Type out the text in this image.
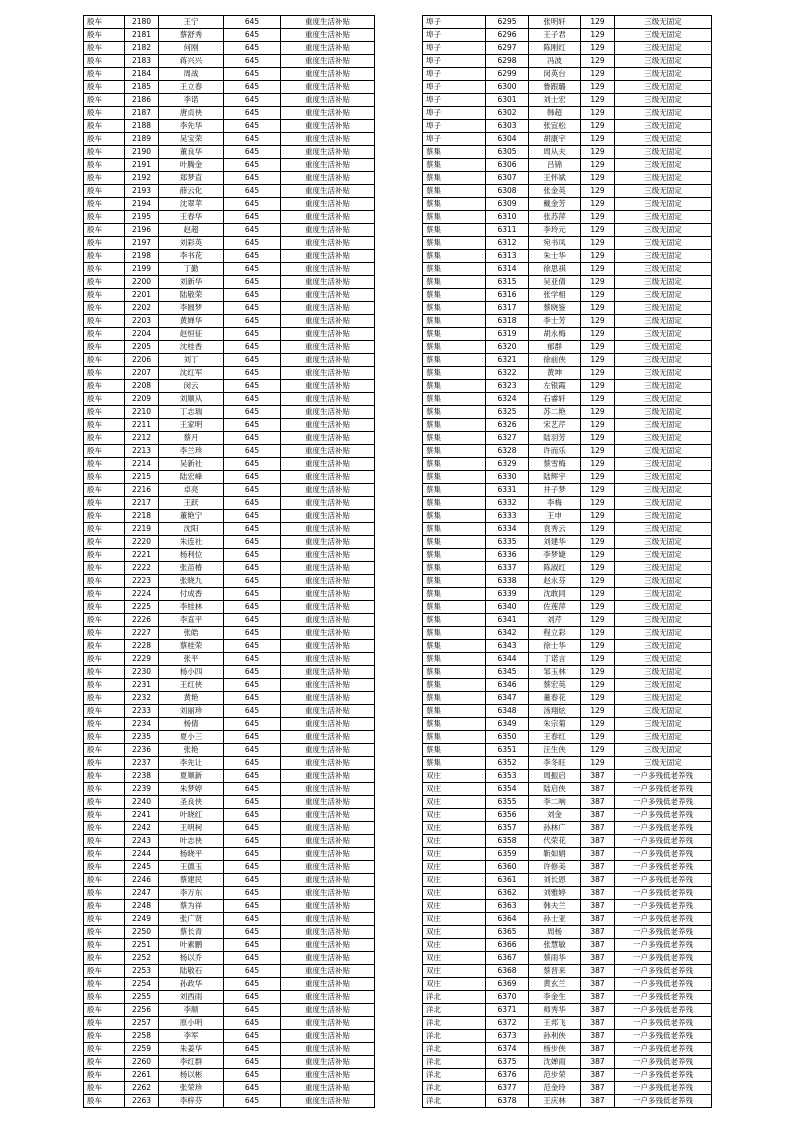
殷车	2180	王宁	645	重度生活补贴
殷车	2181	蔡舒秀	645	重度生活补贴
殷车	2182	何刚	645	重度生活补贴
殷车	2183	蒋兴兴	645	重度生活补贴
殷车	2184	周战	645	重度生活补贴
殷车	2185	王立春	645	重度生活补贴
殷车	2186	李诺	645	重度生活补贴
殷车	2187	唐贞侠	645	重度生活补贴
殷车	2188	李先华	645	重度生活补贴
殷车	2189	吴宝荣	645	重度生活补贴
殷车	2190	董良华	645	重度生活补贴
殷车	2191	叶腾金	645	重度生活补贴
殷车	2192	郑梦直	645	重度生活补贴
殷车	2193	薛云化	645	重度生活补贴
殷车	2194	沈翠苹	645	重度生活补贴
殷车	2195	王春华	645	重度生活补贴
殷车	2196	赵超	645	重度生活补贴
殷车	2197	刘彩英	645	重度生活补贴
殷车	2198	李书花	645	重度生活补贴
殷车	2199	丁勤	645	重度生活补贴
殷车	2200	刘新华	645	重度生活补贴
殷车	2201	陆敬荣	645	重度生活补贴
殷车	2202	李圆梦	645	重度生活补贴
殷车	2203	黄婵华	645	重度生活补贴
殷车	2204	赵恒征	645	重度生活补贴
殷车	2205	沈桂香	645	重度生活补贴
殷车	2206	刘丁	645	重度生活补贴
殷车	2207	沈红军	645	重度生活补贴
殷车	2208	闵云	645	重度生活补贴
殷车	2209	刘顺从	645	重度生活补贴
殷车	2210	丁志瑞	645	重度生活补贴
殷车	2211	王家明	645	重度生活补贴
殷车	2212	蔡月	645	重度生活补贴
殷车	2213	李兰珍	645	重度生活补贴
殷车	2214	吴新社	645	重度生活补贴
殷车	2215	陆宏峰	645	重度生活补贴
殷车	2216	卓亮	645	重度生活补贴
殷车	2217	王跃	645	重度生活补贴
殷车	2218	董艳宁	645	重度生活补贴
殷车	2219	沈阳	645	重度生活补贴
殷车	2220	朱连社	645	重度生活补贴
殷车	2221	杨利位	645	重度生活补贴
殷车	2222	张苗椿	645	重度生活补贴
殷车	2223	张晓九	645	重度生活补贴
殷车	2224	付成香	645	重度生活补贴
殷车	2225	李桂林	645	重度生活补贴
殷车	2226	李直平	645	重度生活补贴
殷车	2227	张皓	645	重度生活补贴
殷车	2228	蔡桂荣	645	重度生活补贴
殷车	2229	张平	645	重度生活补贴
殷车	2230	杨小四	645	重度生活补贴
殷车	2231	王红侠	645	重度生活补贴
殷车	2232	黄艳	645	重度生活补贴
殷车	2233	刘丽珍	645	重度生活补贴
殷车	2234	杨倩	645	重度生活补贴
殷车	2235	夏小三	645	重度生活补贴
殷车	2236	张艳	645	重度生活补贴
殷车	2237	李先让	645	重度生活补贴
殷车	2238	夏顺新	645	重度生活补贴
殷车	2239	朱梦婷	645	重度生活补贴
殷车	2240	圣良侠	645	重度生活补贴
殷车	2241	叶晓红	645	重度生活补贴
殷车	2242	王明柯	645	重度生活补贴
殷车	2243	叶志侠	645	重度生活补贴
殷车	2244	杨晓平	645	重度生活补贴
殷车	2245	王德玉	645	重度生活补贴
殷车	2246	蔡建民	645	重度生活补贴
殷车	2247	李万东	645	重度生活补贴
殷车	2248	蔡为祥	645	重度生活补贴
殷车	2249	张广贤	645	重度生活补贴
殷车	2250	蔡长青	645	重度生活补贴
殷车	2251	叶素鹏	645	重度生活补贴
殷车	2252	杨以乔	645	重度生活补贴
殷车	2253	陆敬石	645	重度生活补贴
殷车	2254	孙政华	645	重度生活补贴
殷车	2255	刘西雨	645	重度生活补贴
殷车	2256	李顺	645	重度生活补贴
殷车	2257	原小明	645	重度生活补贴
殷车	2258	李军	645	重度生活补贴
殷车	2259	朱姜华	645	重度生活补贴
殷车	2260	李红群	645	重度生活补贴
殷车	2261	杨以彬	645	重度生活补贴
殷车	2262	张荣珍	645	重度生活补贴
殷车	2263	李梓芬	645	重度生活补贴
埠子	6295	张明轩	129	三级无固定
埠子	6296	王子君	129	三级无固定
埠子	6297	陈刚红	129	三级无固定
埠子	6298	冯波	129	三级无固定
埠子	6299	闵英台	129	三级无固定
埠子	6300	鲁跟璐	129	三级无固定
埠子	6301	刘士宏	129	三级无固定
埠子	6302	韩超	129	三级无固定
埠子	6303	张宜松	129	三级无固定
埠子	6304	胡康宇	129	三级无固定
蔡集	6305	周从夫	129	三级无固定
蔡集	6306	吕锦	129	三级无固定
蔡集	6307	王怀斌	129	三级无固定
蔡集	6308	张金英	129	三级无固定
蔡集	6309	戴金芳	129	三级无固定
蔡集	6310	张苏萍	129	三级无固定
蔡集	6311	李玲元	129	三级无固定
蔡集	6312	宛书凤	129	三级无固定
蔡集	6313	朱士华	129	三级无固定
蔡集	6314	徐思祺	129	三级无固定
蔡集	6315	吴亚倩	129	三级无固定
蔡集	6316	张学相	129	三级无固定
蔡集	6317	蔡晓鉴	129	三级无固定
蔡集	6318	李士芳	129	三级无固定
蔡集	6319	胡永梅	129	三级无固定
蔡集	6320	郁群	129	三级无固定
蔡集	6321	徐前侠	129	三级无固定
蔡集	6322	黄坤	129	三级无固定
蔡集	6323	左银霞	129	三级无固定
蔡集	6324	石睿轩	129	三级无固定
蔡集	6325	苏二艳	129	三级无固定
蔡集	6326	宋艺芹	129	三级无固定
蔡集	6327	陆羽芳	129	三级无固定
蔡集	6328	许而乐	129	三级无固定
蔡集	6329	蔡雪梅	129	三级无固定
蔡集	6330	陆辉宇	129	三级无固定
蔡集	6331	井子梦	129	三级无固定
蔡集	6332	李梅	129	三级无固定
蔡集	6333	王申	129	三级无固定
蔡集	6334	袁秀云	129	三级无固定
蔡集	6335	刘建华	129	三级无固定
蔡集	6336	李梦婕	129	三级无固定
蔡集	6337	陈淑红	129	三级无固定
蔡集	6338	赵永芬	129	三级无固定
蔡集	6339	沈敢同	129	三级无固定
蔡集	6340	佐莲萍	129	三级无固定
蔡集	6341	刘芹	129	三级无固定
蔡集	6342	程立彩	129	三级无固定
蔡集	6343	徐士华	129	三级无固定
蔡集	6344	丁诺言	129	三级无固定
蔡集	6345	邹玉林	129	三级无固定
蔡集	6346	蔡宏英	129	三级无固定
蔡集	6347	董春花	129	三级无固定
蔡集	6348	汤翔炫	129	三级无固定
蔡集	6349	朱宗菊	129	三级无固定
蔡集	6350	王春红	129	三级无固定
蔡集	6351	汪生侠	129	三级无固定
蔡集	6352	李冬旺	129	三级无固定
双庄	6353	周振启	387	一户多残低老养残
双庄	6354	陆启侠	387	一户多残低老养残
双庄	6355	李二响	387	一户多残低老养残
双庄	6356	刘金	387	一户多残低老养残
双庄	6357	孙林广	387	一户多残低老养残
双庄	6358	代荣花	387	一户多残低老养残
双庄	6359	靳如娟	387	一户多残低老养残
双庄	6360	许修美	387	一户多残低老养残
双庄	6361	刘长恩	387	一户多残低老养残
双庄	6362	刘雅婷	387	一户多残低老养残
双庄	6363	韩夫兰	387	一户多残低老养残
双庄	6364	孙士亚	387	一户多残低老养残
双庄	6365	周杨	387	一户多残低老养残
双庄	6366	张慧敏	387	一户多残低老养残
双庄	6367	蔡雨华	387	一户多残低老养残
双庄	6368	蔡晋来	387	一户多残低老养残
双庄	6369	黄玄兰	387	一户多残低老养残
洋北	6370	李金生	387	一户多残低老养残
洋北	6371	师秀华	387	一户多残低老养残
洋北	6372	王邦飞	387	一户多残低老养残
洋北	6373	孙利侠	387	一户多残低老养残
洋北	6374	杨步侠	387	一户多残低老养残
洋北	6375	沈婵雨	387	一户多残低老养残
洋北	6376	范步荣	387	一户多残低老养残
洋北	6377	范金玲	387	一户多残低老养残
洋北	6378	王庆林	387	一户多残低老养残
